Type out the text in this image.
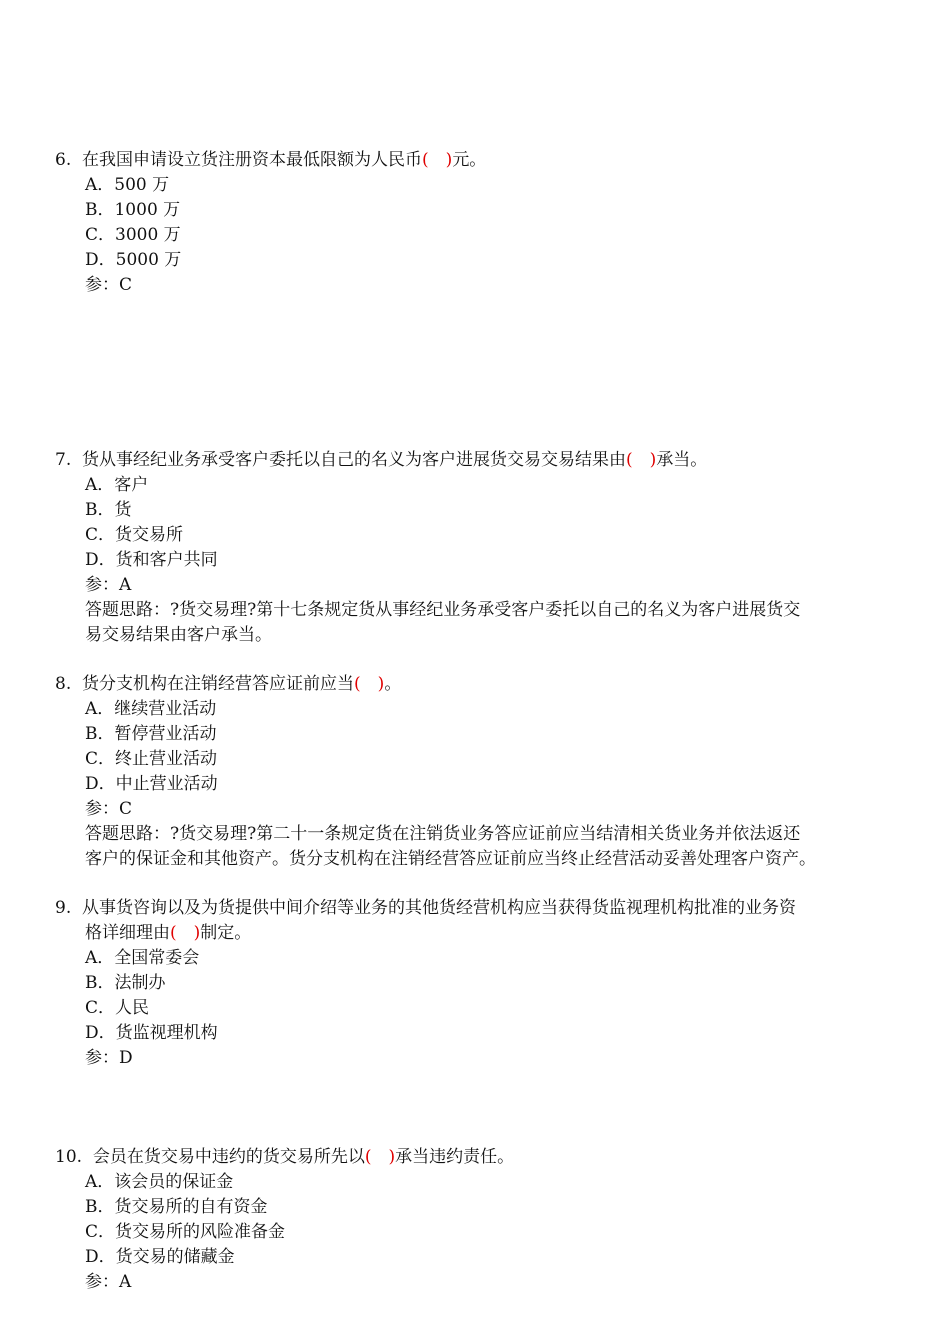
6. 在我国申请设立货注册资本最低限额为人民币(　)元。
A．500 万
B．1000 万
C．3000 万
D．5000 万
参：C
7. 货从事经纪业务承受客户委托以自己的名义为客户进展货交易交易结果由(　)承当。
A．客户
B．货
C．货交易所
D．货和客户共同
参：A
答题思路：?货交易理?第十七条规定货从事经纪业务承受客户委托以自己的名义为客户进展货交
易交易结果由客户承当。
8. 货分支机构在注销经营答应证前应当(　)。
A．继续营业活动
B．暂停营业活动
C．终止营业活动
D．中止营业活动
参：C
答题思路：?货交易理?第二十一条规定货在注销货业务答应证前应当结清相关货业务并依法返还
客户的保证金和其他资产。货分支机构在注销经营答应证前应当终止经营活动妥善处理客户资产。
9. 从事货咨询以及为货提供中间介绍等业务的其他货经营机构应当获得货监视理机构批准的业务资
格详细理由(　)制定。
A．全国常委会
B．法制办
C．人民
D．货监视理机构
参：D
10. 会员在货交易中违约的货交易所先以(　)承当违约责任。
A．该会员的保证金
B．货交易所的自有资金
C．货交易所的风险准备金
D．货交易的储藏金
参：A
